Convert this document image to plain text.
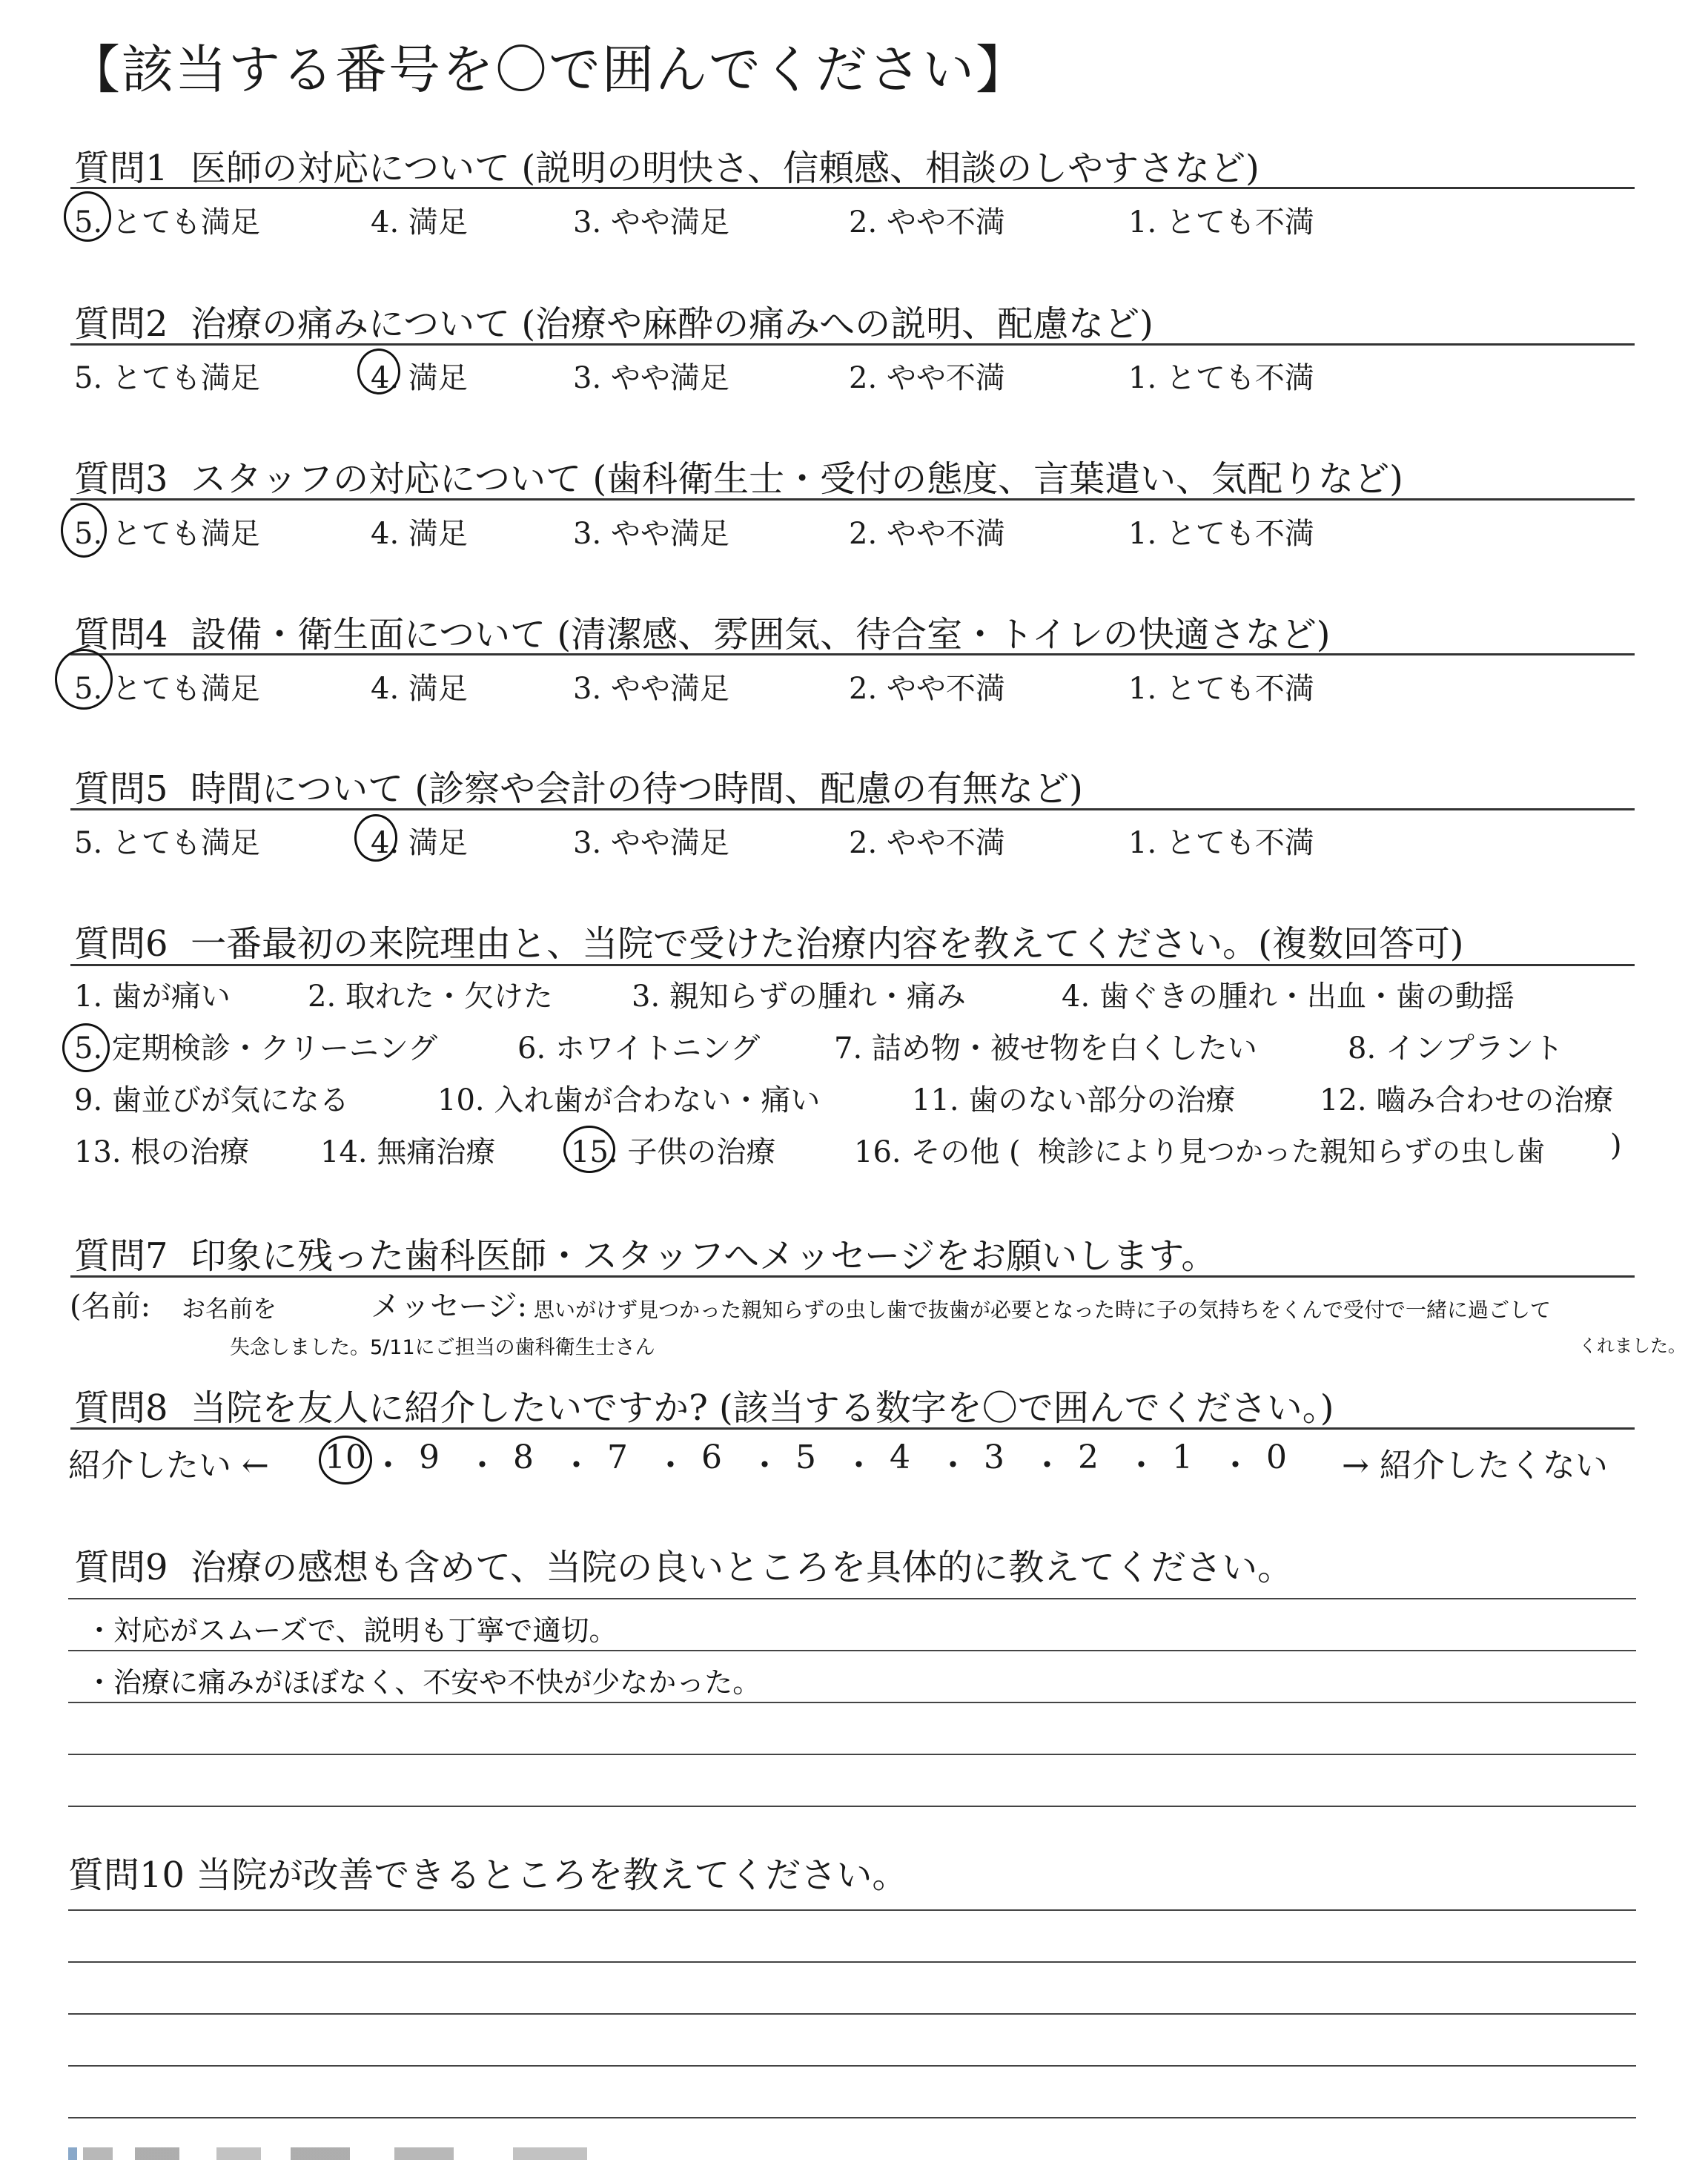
【該当する番号を〇で囲んでください】
質問1 医師の対応について (説明の明快さ、信頼感、相談のしやすさなど)
5. とても満足	4. 満足	3. やや満足	2. やや不満	1. とても不満
質問2 治療の痛みについて (治療や麻酔の痛みへの説明、配慮など)
5. とても満足	4. 満足	3. やや満足	2. やや不満	1. とても不満
質問3 スタッフの対応について (歯科衛生士・受付の態度、言葉遣い、気配りなど)
5. とても満足	4. 満足	3. やや満足	2. やや不満	1. とても不満
質問4 設備・衛生面について (清潔感、雰囲気、待合室・トイレの快適さなど)
5. とても満足	4. 満足	3. やや満足	2. やや不満	1. とても不満
質問5 時間について (診察や会計の待つ時間、配慮の有無など)
5. とても満足	4. 満足	3. やや満足	2. やや不満	1. とても不満
質問6 一番最初の来院理由と、当院で受けた治療内容を教えてください。(複数回答可)
1. 歯が痛い	2. 取れた・欠けた	3. 親知らずの腫れ・痛み	4. 歯ぐきの腫れ・出血・歯の動揺
5. 定期検診・クリーニング	6. ホワイトニング 7. 詰め物・被せ物を白くしたい	8. インプラント
9. 歯並びが気になる	10. 入れ歯が合わない・痛い	11. 歯のない部分の治療	12. 嚙み合わせの治療
13. 根の治療 14. 無痛治療	15. 子供の治療	16. その他 ( 検診により見つかった親知らずの虫し歯 )
質問7 印象に残った歯科医師・スタッフへメッセージをお願いします。
(名前: お名前を
失念しました。5/11にご担当の歯科衛生士さん
メッセージ: 思いがけず見つかった親知らずの虫し歯で抜歯が必要となった時に子の気持ちをくんで受付で一緒に過ごして
くれました。
質問8 当院を友人に紹介したいですか? (該当する数字を〇で囲んでください。)
紹介したい ← 10 ・ 9 ・ 8 ・ 7 ・ 6 ・ 5 ・ 4 ・ 3 ・ 2 ・ 1 ・ 0 → 紹介したくない
質問9 治療の感想も含めて、当院の良いところを具体的に教えてください。
・対応がスムーズで、説明も丁寧で適切。
・治療に痛みがほぼなく、不安や不快が少なかった。
質問10 当院が改善できるところを教えてください。
